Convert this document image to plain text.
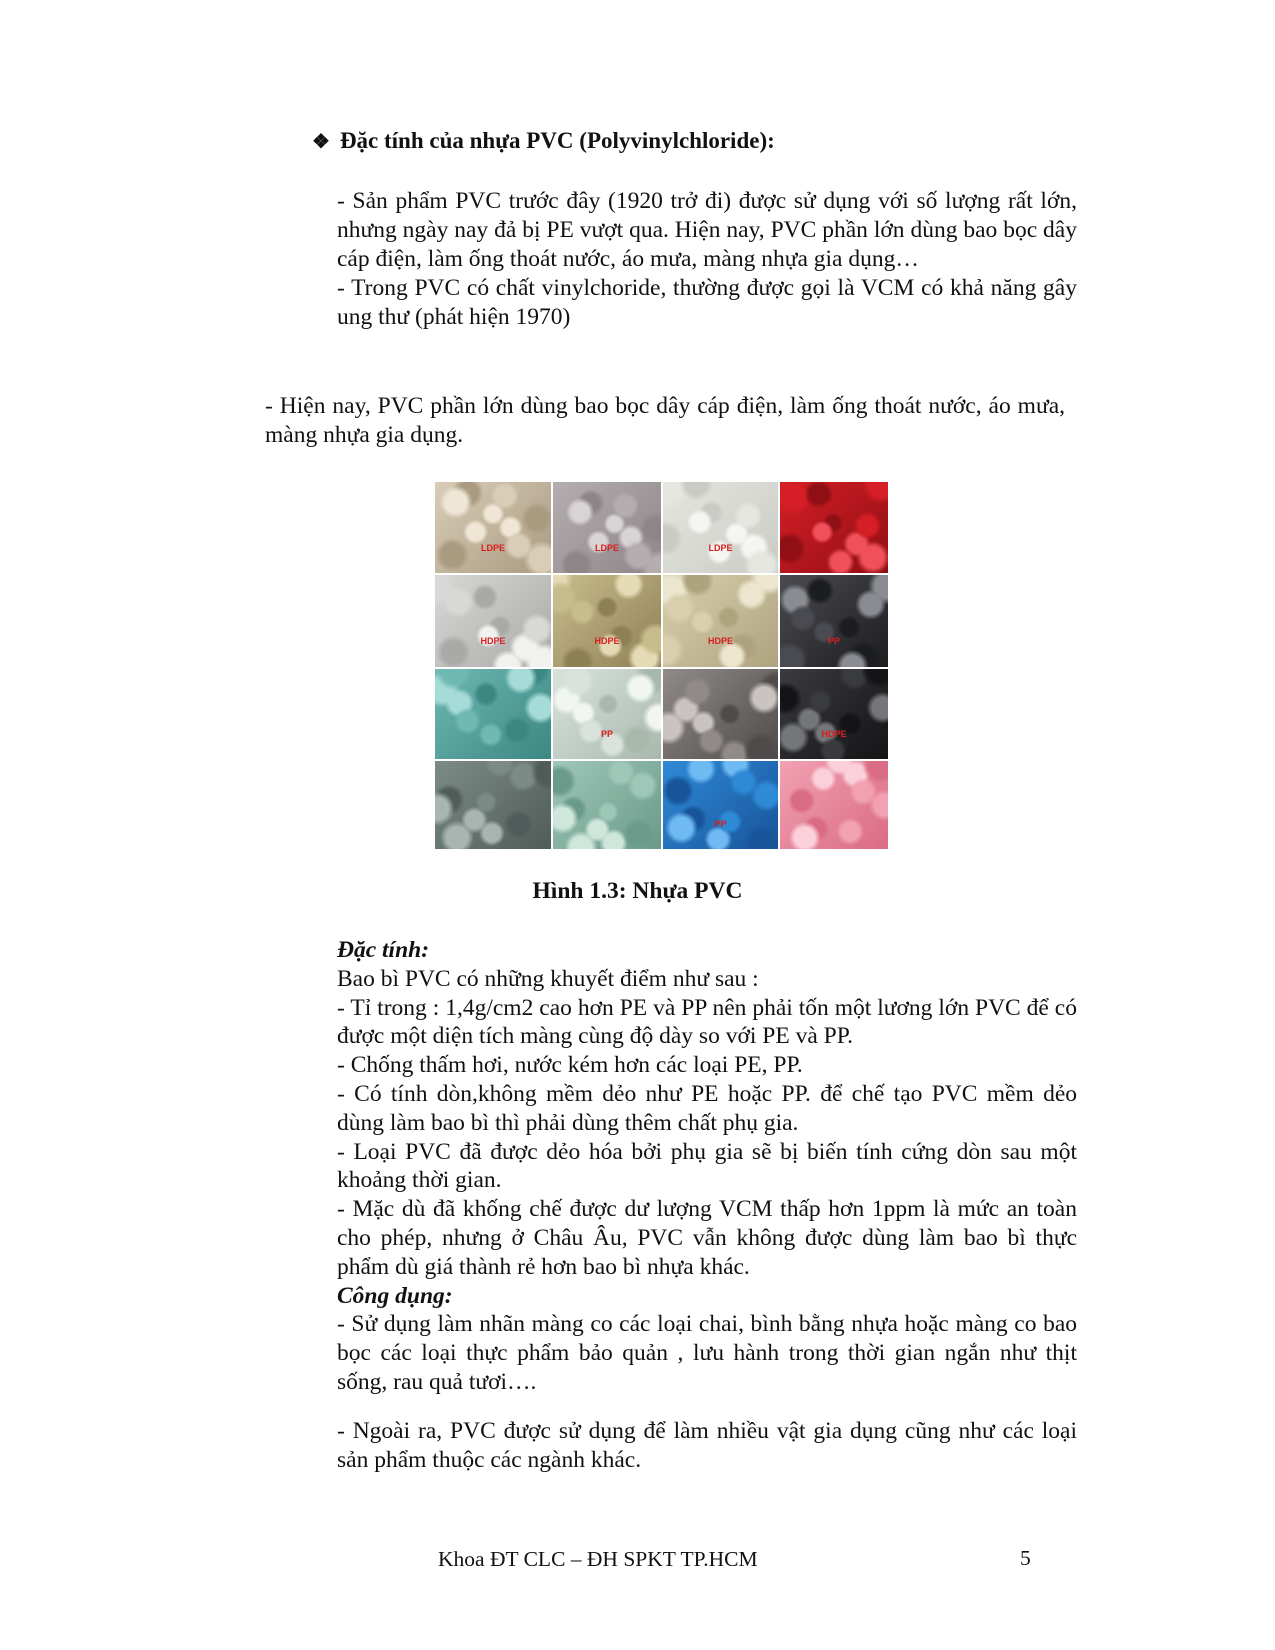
❖ Đặc tính của nhựa PVC (Polyvinylchloride):

- Sản phẩm PVC trước đây (1920 trở đi) được sử dụng với số lượng rất lớn, nhưng ngày nay đả bị PE vượt qua. Hiện nay, PVC phần lớn dùng bao bọc dây cáp điện, làm ống thoát nước, áo mưa, màng nhựa gia dụng…

- Trong PVC có chất vinylchoride, thường được gọi là VCM có khả năng gây ung thư (phát hiện 1970)

- Hiện nay, PVC phần lớn dùng bao bọc dây cáp điện, làm ống thoát nước, áo mưa, màng nhựa gia dụng.

LDPE	LDPE	LDPE
HDPE	HDPE	HDPE	PP
PP	HDPE
PP
Hình 1.3: Nhựa PVC

Đặc tính:

Bao bì PVC có những khuyết điểm như sau :

- Tỉ trong : 1,4g/cm2 cao hơn PE và PP nên phải tốn một lương lớn PVC để có được một diện tích màng cùng độ dày so với PE và PP.

- Chống thấm hơi, nước kém hơn các loại PE, PP.

- Có tính dòn,không mềm dẻo như PE hoặc PP. để chế tạo PVC mềm dẻo dùng làm bao bì thì phải dùng thêm chất phụ gia.

- Loại PVC đã được dẻo hóa bởi phụ gia sẽ bị biến tính cứng dòn sau một khoảng thời gian.

- Mặc dù đã khống chế được dư lượng VCM thấp hơn 1ppm là mức an toàn cho phép, nhưng ở Châu Âu, PVC vẫn không được dùng làm bao bì thực phẩm dù giá thành rẻ hơn bao bì nhựa khác.

Công dụng:

- Sử dụng làm nhãn màng co các loại chai, bình bằng nhựa hoặc màng co bao bọc các loại thực phẩm bảo quản , lưu hành trong thời gian ngắn như thịt sống, rau quả tươi….

- Ngoài ra, PVC được sử dụng để làm nhiều vật gia dụng cũng như các loại sản phẩm thuộc các ngành khác.

Khoa ĐT CLC – ĐH SPKT TP.HCM	5
